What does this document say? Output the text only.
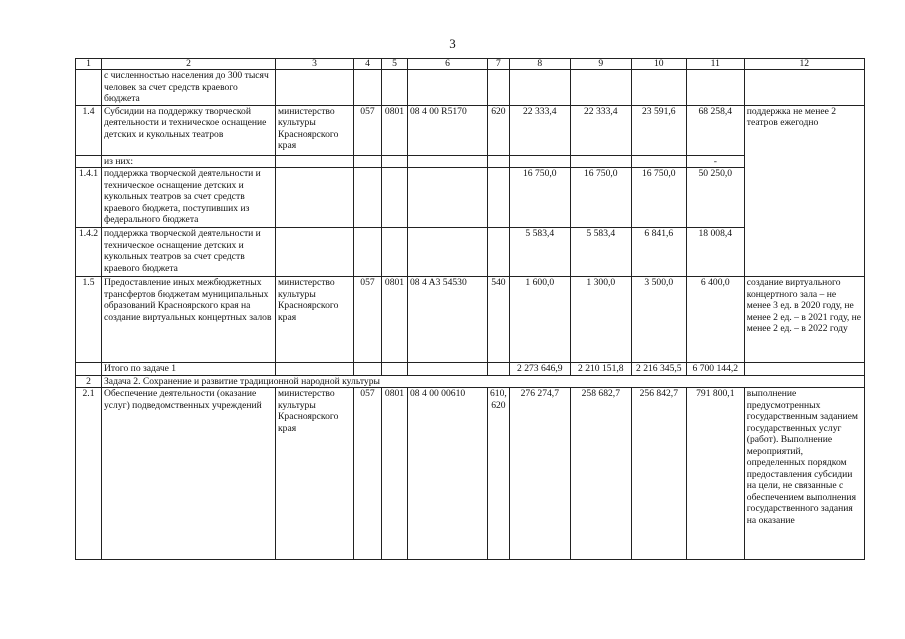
3
1	2	3	4	5	6	7	8	9	10	11	12
	с численностью населения до 300 тысяч человек за счет средств краевого бюджета										
1.4	Субсидии на поддержку творческой деятельности и техническое оснащение детских и кукольных театров	министерство культуры Красноярского края	057	0801	08 4 00 R5170	620	22 333,4	22 333,4	23 591,6	68 258,4	поддержка не менее 2 театров ежегодно
	из них:									-	
1.4.1	поддержка творческой деятельности и техническое оснащение детских и кукольных театров за счет средств краевого бюджета, поступивших из федерального бюджета						16 750,0	16 750,0	16 750,0	50 250,0	
1.4.2	поддержка творческой деятельности и техническое оснащение детских и кукольных театров за счет средств краевого бюджета						5 583,4	5 583,4	6 841,6	18 008,4	
1.5	Предоставление иных межбюджетных трансфертов бюджетам муниципальных образований Красноярского края на создание виртуальных концертных залов	министерство культуры Красноярского края	057	0801	08 4 A3 54530	540	1 600,0	1 300,0	3 500,0	6 400,0	создание виртуального концертного зала – не менее 3 ед. в 2020 году, не менее 2 ед. – в 2021 году, не менее 2 ед. – в 2022 году
	Итого по задаче 1						2 273 646,9	2 210 151,8	2 216 345,5	6 700 144,2	
2	Задача 2. Сохранение и развитие традиционной народной культуры										
2.1	Обеспечение деятельности (оказание услуг) подведомственных учреждений	министерство культуры Красноярского края	057	0801	08 4 00 00610	610, 620	276 274,7	258 682,7	256 842,7	791 800,1	выполнение предусмотренных государственным заданием государственных услуг (работ). Выполнение мероприятий, определенных порядком предоставления субсидии на цели, не связанные с обеспечением выполнения государственного задания на оказание
